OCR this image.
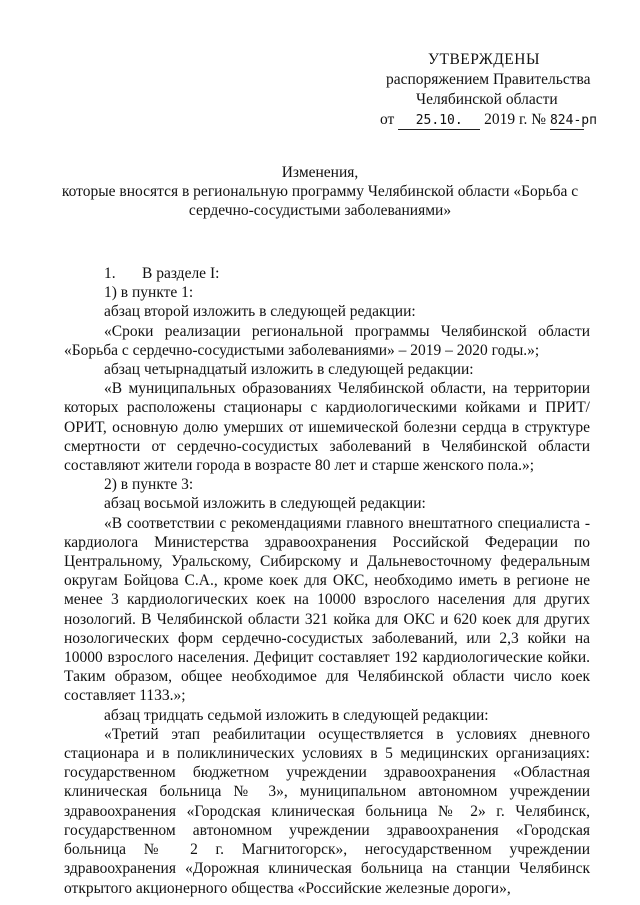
УТВЕРЖДЕНЫ
распоряжением Правительства
Челябинской области
от 25.10. 2019 г. № 824-рп
Изменения,
которые вносятся в региональную программу Челябинской области «Борьба с
сердечно-сосудистыми заболеваниями»

1. В разделе I:

1) в пункте 1:

абзац второй изложить в следующей редакции:

«Сроки реализации региональной программы Челябинской области «Борьба с сердечно-сосудистыми заболеваниями» – 2019 – 2020 годы.»;

абзац четырнадцатый изложить в следующей редакции:

«В муниципальных образованиях Челябинской области, на территории которых расположены стационары с кардиологическими койками и ПРИТ/ОРИТ, основную долю умерших от ишемической болезни сердца в структуре смертности от сердечно-сосудистых заболеваний в Челябинской области составляют жители города в возрасте 80 лет и старше женского пола.»;

2) в пункте 3:

абзац восьмой изложить в следующей редакции:

«В соответствии с рекомендациями главного внештатного специалиста - кардиолога Министерства здравоохранения Российской Федерации по Центральному, Уральскому, Сибирскому и Дальневосточному федеральным округам Бойцова С.А., кроме коек для ОКС, необходимо иметь в регионе не менее 3 кардиологических коек на 10000 взрослого населения для других нозологий. В Челябинской области 321 койка для ОКС и 620 коек для других нозологических форм сердечно-сосудистых заболеваний, или 2,3 койки на 10000 взрослого населения. Дефицит составляет 192 кардиологические койки. Таким образом, общее необходимое для Челябинской области число коек составляет 1133.»;

абзац тридцать седьмой изложить в следующей редакции:

«Третий этап реабилитации осуществляется в условиях дневного стационара и в поликлинических условиях в 5 медицинских организациях: государственном бюджетном учреждении здравоохранения «Областная клиническая больница № 3», муниципальном автономном учреждении здравоохранения «Городская клиническая больница № 2» г. Челябинск, государственном автономном учреждении здравоохранения «Городская больница № 2 г. Магнитогорск», негосударственном учреждении здравоохранения «Дорожная клиническая больница на станции Челябинск открытого акционерного общества «Российские железные дороги»,
